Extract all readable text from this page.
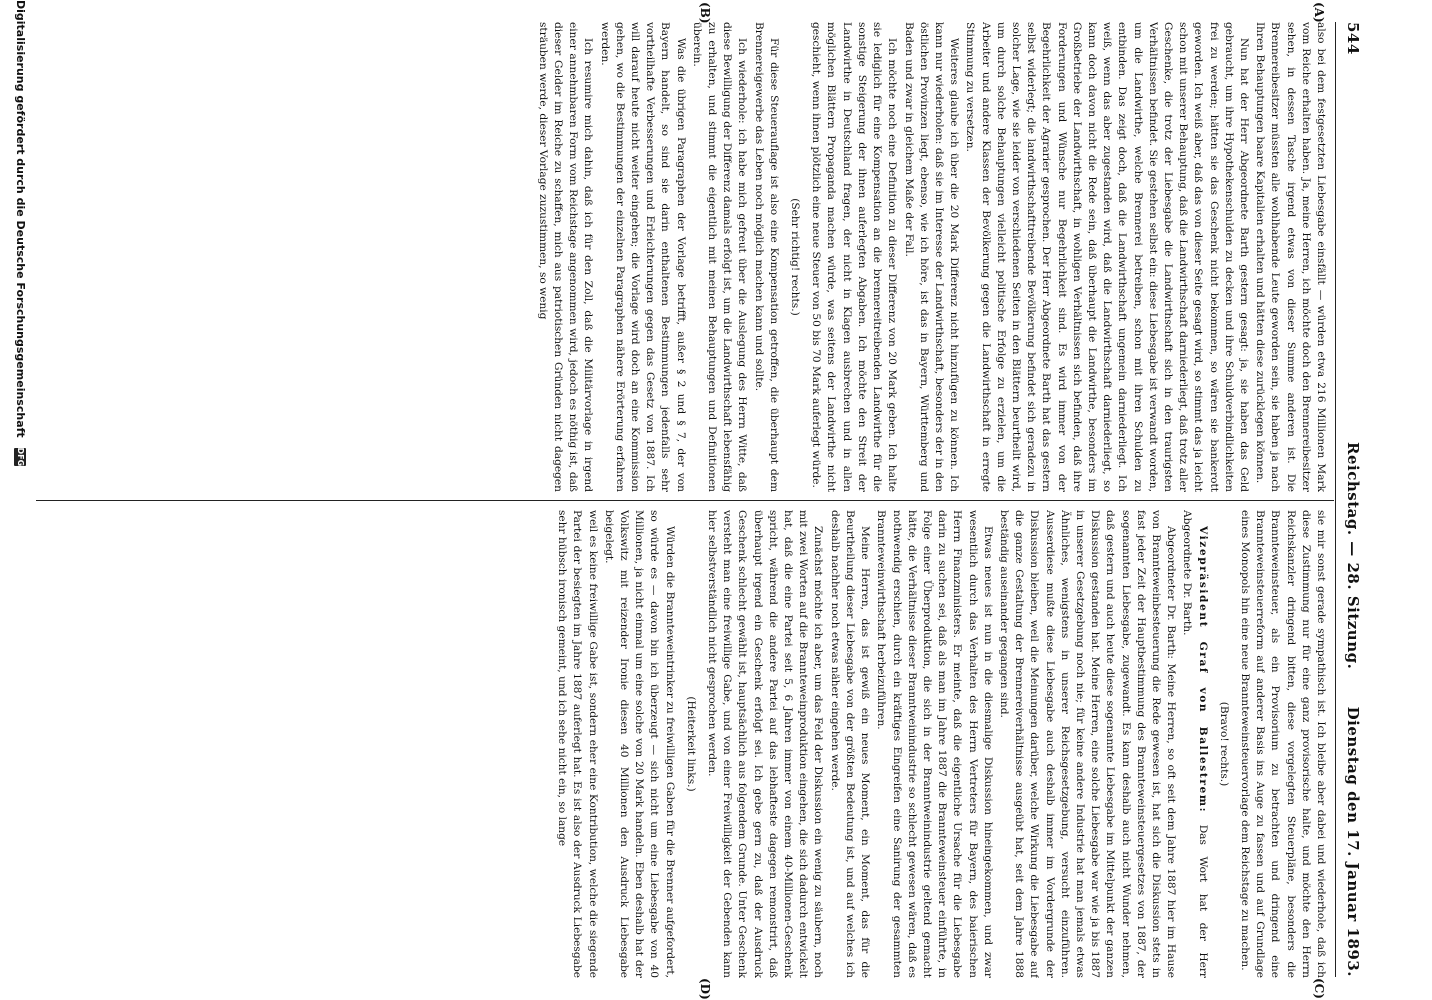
544
Reichstag. — 28. Sitzung.
Dienstag den 17. Januar 1893.
(A)
(B)
(C)
(D)

also bei dem festgesetzten Liebesgabe einsfällt — würden etwa 216 Millionen Mark vom Reiche erhalten haben. Ja, meine Herren, ich möchte doch den Brennereibesitzer sehen, in dessen Tasche irgend etwas von dieser Summe anderen ist. Die Brennereibesitzer müssten alle wohlhabende Leute geworden sein, sie haben ja nach Ihren Behauptungen baare Kapitalien erhalten und hätten diese zurücklegen können.

Nun hat der Herr Abgeordnete Barth gestern gesagt: ja, sie haben das Geld gebraucht, um ihre Hypothekenschulden zu decken und ihre Schuldverbindlichkeiten frei zu werden; hätten sie das Geschenk nicht bekommen, so wären sie bankerott geworden. Ich weiß aber, daß das von dieser Seite gesagt wird, so stimmt das ja leicht schon mit unserer Behauptung, daß die Landwirthschaft darniederliegt, daß trotz aller Geschenke, die trotz der Liebesgabe die Landwirthschaft sich in den traurigsten Verhältnissen befindet. Sie gestehen selbst ein: diese Liebesgabe ist verwandt worden, um die Landwirthe, welche Brennerei betreiben, schon mit ihren Schulden zu entbinden. Das zeigt doch, daß die Landwirthschaft ungemein darniederliegt. Ich weiß, wenn das aber zugestanden wird, daß die Landwirthschaft darniederliegt, so kann doch davon nicht die Rede sein, daß überhaupt die Landwirthe, besonders im Großbetriebe der Landwirthschaft, in wohligen Verhältnissen sich befinden, daß ihre Forderungen und Wünsche nur Begehrlichkeit sind. Es wird immer von der Begehrlichkeit der Agrarier gesprochen. Der Herr Abgeordnete Barth hat das gestern selbst widerlegt; die landwirthschafttreibende Bevölkerung befindet sich geradezu in solcher Lage, wie sie leider von verschiedenen Seiten in den Blättern beurtheilt wird, um durch solche Behauptungen vielleicht politische Erfolge zu erzielen, um die Arbeiter und andere Klassen der Bevölkerung gegen die Landwirthschaft in erregte Stimmung zu versetzen.

Weiteres glaube ich über die 20 Mark Differenz nicht hinzufügen zu können. Ich kann nur wiederholen: daß sie im Interesse der Landwirthschaft, besonders der in den östlichen Provinzen liegt, ebenso, wie ich höre, ist das in Bayern, Württemberg und Baden und zwar in gleichem Maße der Fall.

Ich möchte noch eine Definition zu dieser Differenz von 20 Mark geben. Ich halte sie lediglich für eine Kompensation an die brennereitreibenden Landwirthe für die sonstige Steigerung der ihnen auferlegten Abgaben. Ich möchte den Streit der Landwirthe in Deutschland fragen, der nicht in Klagen ausbrechen und in allen möglichen Blättern Propaganda machen würde, was seitens der Landwirthe nicht geschieht, wenn ihnen plötzlich eine neue Steuer von 50 bis 70 Mark auferlegt würde.

(Sehr richtig! rechts.)

Für diese Steuerauflage ist also eine Kompensation getroffen, die überhaupt dem Brennereigewerbe das Leben noch möglich machen kann und sollte.

Ich wiederhole: ich habe mich gefreut über die Auslegung des Herrn Witte, daß diese Bewilligung der Differenz damals erfolgt ist, um die Landwirthschaft lebensfähig zu erhalten, und stimmt die eigentlich mit meinen Behauptungen und Definitionen überein.

Was die übrigen Paragraphen der Vorlage betrifft, außer § 2 und § 7, der von Bayern handelt, so sind sie darin enthaltenen Bestimmungen jedenfalls sehr vortheilhafte Verbesserungen und Erleichterungen gegen das Gesetz von 1887. Ich will darauf heute nicht weiter eingehen; die Vorlage wird doch an eine Kommission gehen, wo die Bestimmungen der einzelnen Paragraphen nähere Erörterung erfahren werden.

Ich resumire mich dahin, daß ich für den Zoll, daß die Militärvorlage in irgend einer annehmbaren Form vom Reichstage angenommen wird, jedoch es nöthig ist, daß dieser Gelder im Reiche zu schaffen, mich aus patriotischen Gründen nicht dagegen sträuben werde, dieser Vorlage zuzustimmen, so wenig

sie mir sonst gerade sympathisch ist. Ich bleibe aber dabei und wiederhole, daß ich diese Zustimmung nur für eine ganz provisorische halte, und möchte den Herrn Reichskanzler dringend bitten, diese vorgelegten Steuerpläne, besonders die Brannteweinsteuer, als ein Provisorium zu betrachten und dringend eine Brannteweinsteuerreform auf anderer Basis ins Auge zu fassen und auf Grundlage eines Monopols hin eine neue Brannteweinsteuervorlage dem Reichstage zu machen.

(Bravo! rechts.)

Vizepräsident Graf von Ballestrem: Das Wort hat der Herr Abgeordnete Dr. Barth.

Abgeordneter Dr. Barth: Meine Herren, so oft seit dem Jahre 1887 hier im Hause von Brannteweinbesteuerung die Rede gewesen ist, hat sich die Diskussion stets in fast jeder Zeit der Hauptbestimmung des Brannteweinsteuergesetzes von 1887, der sogenannten Liebesgabe, zugewandt. Es kann deshalb auch nicht Wunder nehmen, daß gestern und auch heute diese sogenannte Liebesgabe im Mittelpunkt der ganzen Diskussion gestanden hat. Meine Herren, eine solche Liebesgabe war wie ja bis 1887 in unserer Gesetzgebung noch nie; für keine andere Industrie hat man jemals etwas Ähnliches, wenigstens in unserer Reichsgesetzgebung, versucht einzuführen. Ausserdiese mußte diese Liebesgabe auch deshalb immer im Vordergrunde der Diskussion bleiben, weil die Meinungen darüber, welche Wirkung die Liebesgabe auf die ganze Gestaltung der Brennereiverhältnisse ausgeübt hat, seit dem Jahre 1888 beständig auseinander gegangen sind.

Etwas neues ist nun in die diesmalige Diskussion hineingekommen, und zwar wesentlich durch das Verhalten des Herrn Vertreters für Bayern, des baierischen Herrn Finanzministers. Er meinte, daß die eigentliche Ursache für die Liebesgabe darin zu suchen sei, daß als man im Jahre 1887 die Brannteweinsteuer einführte, in Folge einer Überproduktion, die sich in der Branntweinindustrie geltend gemacht hätte, die Verhältnisse dieser Branntweinindustrie so schlecht gewesen wären, daß es nothwendig erschien, durch ein kräftiges Eingreifen eine Sanirung der gesammten Brannteweinwirthschaft herbeizuführen.

Meine Herren, das ist gewiß ein neues Moment, ein Moment, das für die Beurtheilung dieser Liebesgabe von der größten Bedeutung ist, und auf welches ich deshalb nachher noch etwas näher eingehen werde.

Zunächst möchte ich aber, um das Feld der Diskussion ein wenig zu säubern, noch mit zwei Worten auf die Brannteweinproduktion eingehen, die sich dadurch entwickelt hat, daß die eine Partei seit 5, 6 Jahren immer von einem 40-Millionen-Geschenk spricht, während die andere Partei auf das lebhafteste dagegen remonstrirt, daß überhaupt irgend ein Geschenk erfolgt sei. Ich gebe gern zu, daß der Ausdruck Geschenk schlecht gewählt ist, hauptsächlich aus folgendem Grunde. Unter Geschenk versteht man eine freiwillige Gabe, und von einer Freiwilligkeit der Gebenden kann hier selbstverständlich nicht gesprochen werden.

(Heiterkeit links.)

Würden die Brannteweintrinker zu freiwilligen Gaben für die Brenner aufgefordert, so würde es — davon bin ich überzeugt — sich nicht um eine Liebesgabe von 40 Millionen, ja nicht einmal um eine solche von 20 Mark handeln. Eben deshalb hat der Volkswitz mit reizender Ironie diesen 40 Millionen den Ausdruck Liebesgabe beigelegt.

weil es keine freiwillige Gabe ist, sondern eher eine Kontribution, welche die siegende Partei der besiegten im Jahre 1887 auferlegt hat. Es ist also der Ausdruck Liebesgabe sehr hübsch ironisch gemeint, und ich sehe nicht ein, so lange

Digitalisierung gefördert durch die Deutsche Forschungsgemeinschaft DFG
